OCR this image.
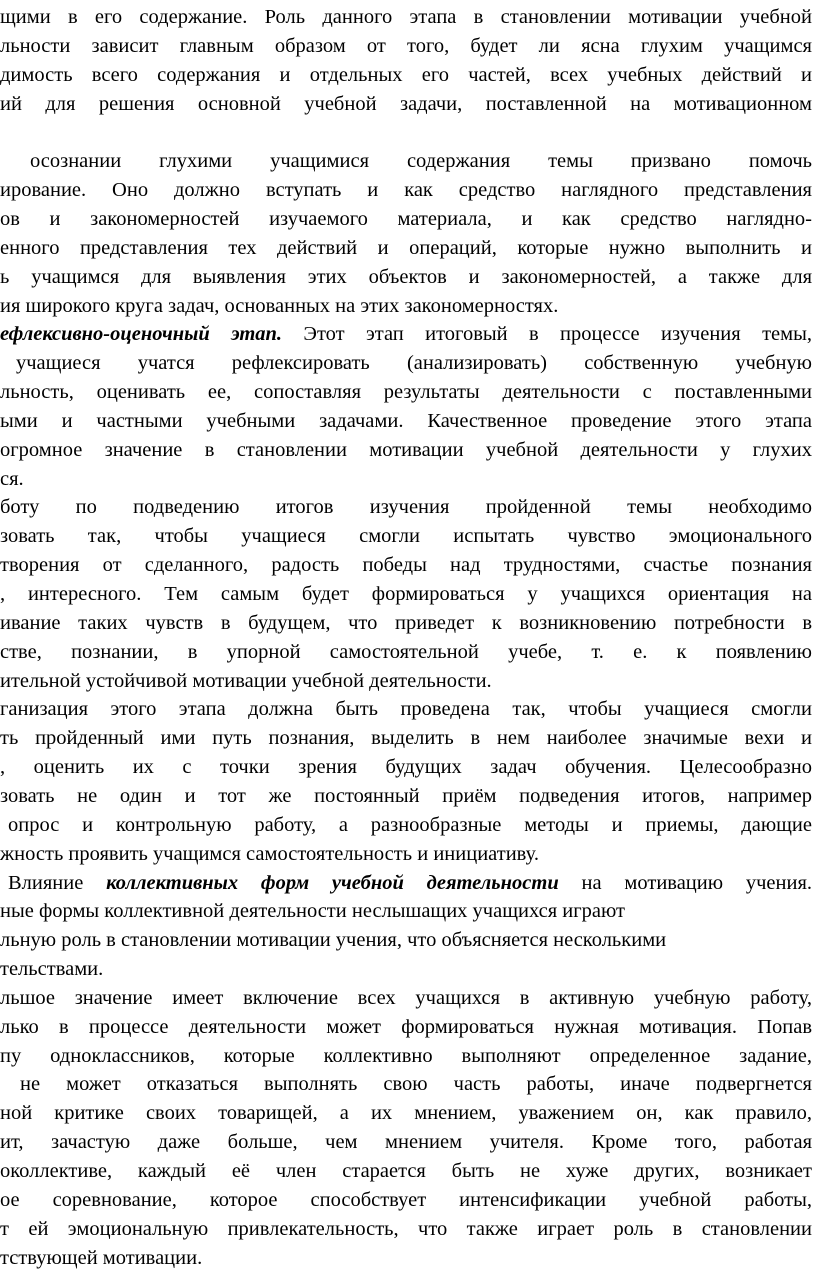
щими в его содержание. Роль данного этапа в становлении мотивации учебной
льности зависит главным образом от того, будет ли ясна глухим учащимся
димость всего содержания и отдельных его частей, всех учебных действий и
ий для решения основной учебной задачи, поставленной на мотивационном
осознании глухими учащимися содержания темы призвано помочь
ирование. Оно должно вступать и как средство наглядного представления
ов и закономерностей изучаемого материала, и как средство наглядно-
енного представления тех действий и операций, которые нужно выполнить и
ь учащимся для выявления этих объектов и закономерностей, а также для
ия широкого круга задач, основанных на этих закономерностях.
ефлексивно-оценочный этап. Этот этап итоговый в процессе изучения темы,
учащиеся учатся рефлексировать (анализировать) собственную учебную
льность, оценивать ее, сопоставляя результаты деятельности с поставленными
ыми и частными учебными задачами. Качественное проведение этого этапа
огромное значение в становлении мотивации учебной деятельности у глухих
ся.
боту по подведению итогов изучения пройденной темы необходимо
зовать так, чтобы учащиеся смогли испытать чувство эмоционального
творения от сделанного, радость победы над трудностями, счастье познания
, интересного. Тем самым будет формироваться у учащихся ориентация на
ивание таких чувств в будущем, что приведет к возникновению потребности в
стве, познании, в упорной самостоятельной учебе, т. е. к появлению
ительной устойчивой мотивации учебной деятельности.
ганизация этого этапа должна быть проведена так, чтобы учащиеся смогли
ть пройденный ими путь познания, выделить в нем наиболее значимые вехи и
, оценить их с точки зрения будущих задач обучения. Целесообразно
зовать не один и тот же постоянный приём подведения итогов, например
опрос и контрольную работу, а разнообразные методы и приемы, дающие
жность проявить учащимся самостоятельность и инициативу.
Влияние коллективных форм учебной деятельности на мотивацию учения.
ные формы коллективной деятельности неслышащих учащихся играют
льную роль в становлении мотивации учения, что объясняется несколькими
тельствами.
льшое значение имеет включение всех учащихся в активную учебную работу,
лько в процессе деятельности может формироваться нужная мотивация. Попав
пу одноклассников, которые коллективно выполняют определенное задание,
не может отказаться выполнять свою часть работы, иначе подвергнется
ной критике своих товарищей, а их мнением, уважением он, как правило,
ит, зачастую даже больше, чем мнением учителя. Кроме того, работая
околлективе, каждый её член старается быть не хуже других, возникает
ое соревнование, которое способствует интенсификации учебной работы,
т ей эмоциональную привлекательность, что также играет роль в становлении
тствующей мотивации.
